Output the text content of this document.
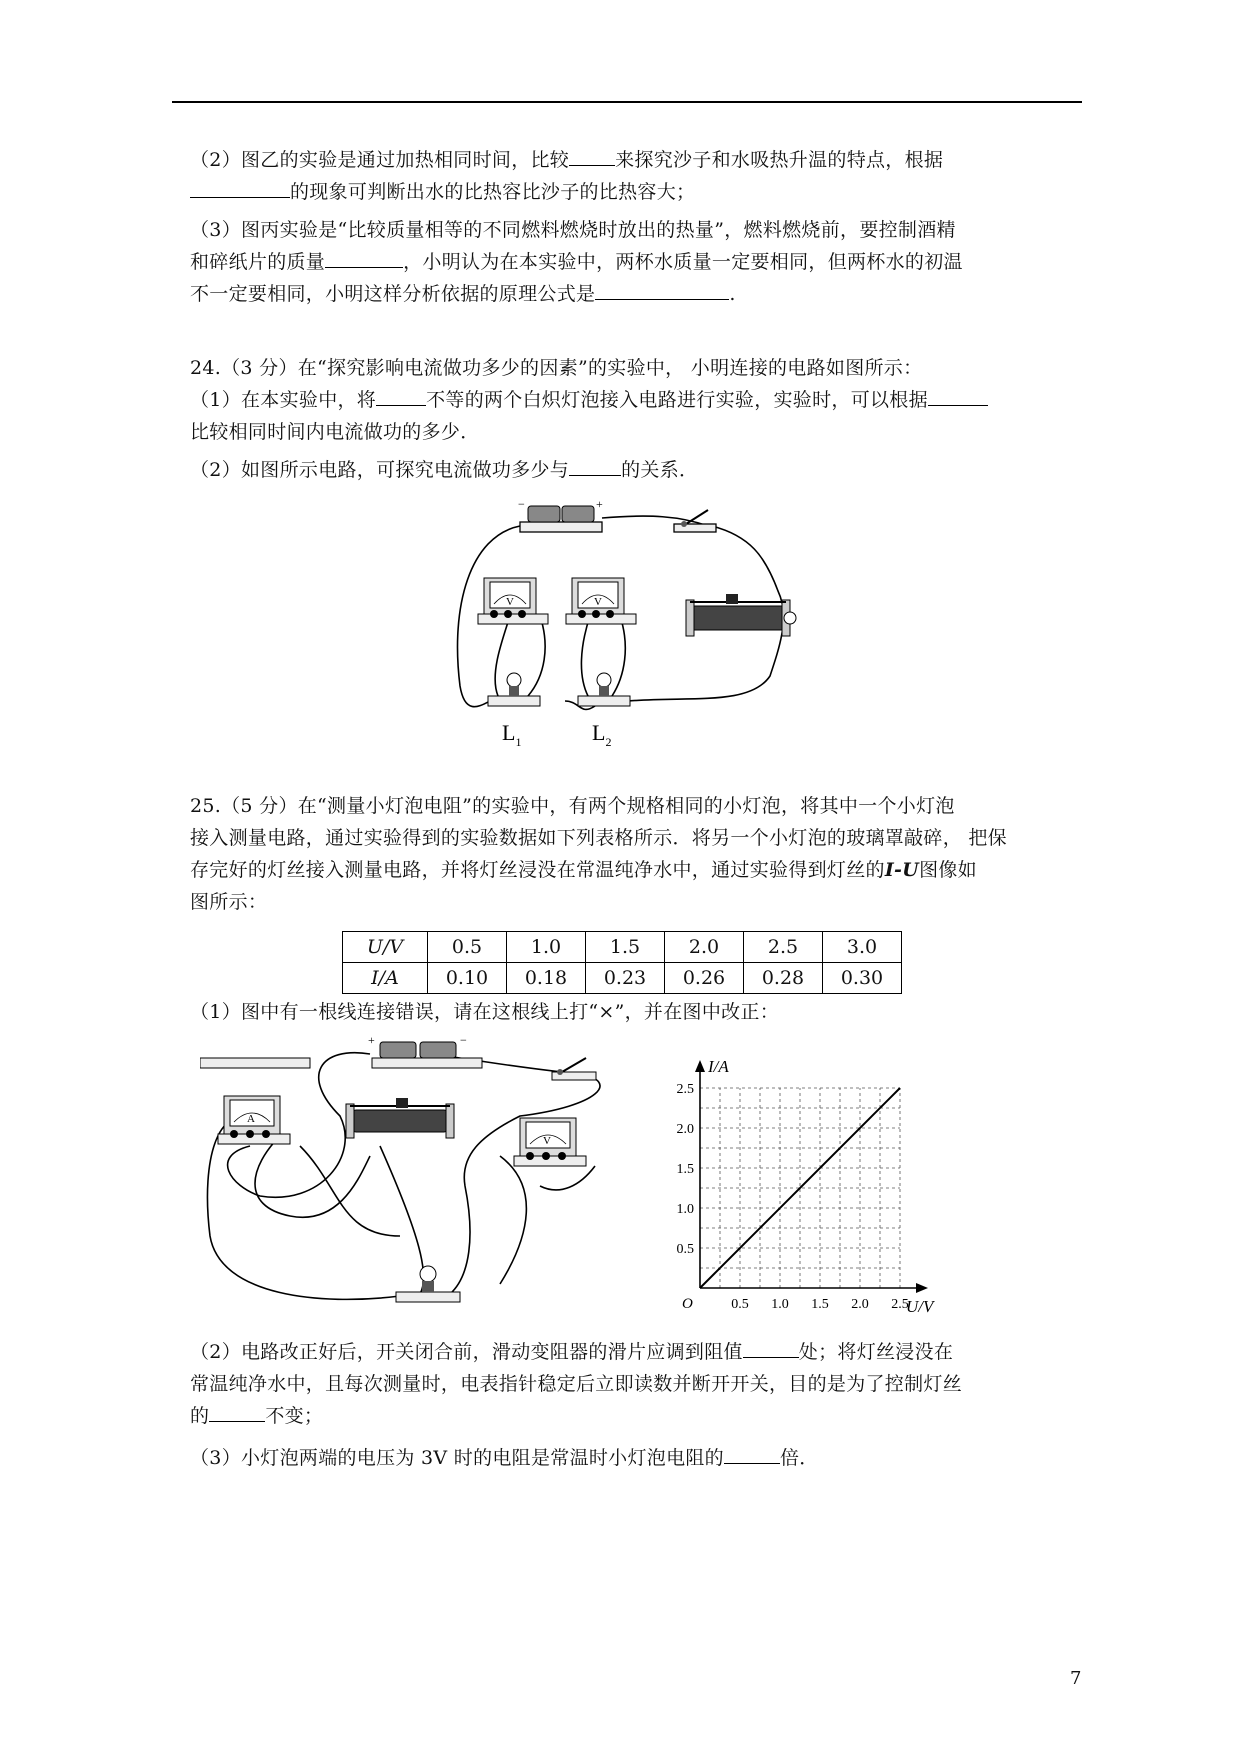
（2）图乙的实验是通过加热相同时间，比较 来探究沙子和水吸热升温的特点，根据
的现象可判断出水的比热容比沙子的比热容大；
（3）图丙实验是“比较质量相等的不同燃料燃烧时放出的热量”，燃料燃烧前，要控制酒精
和碎纸片的质量	，小明认为在本实验中，两杯水质量一定要相同，但两杯水的初温
不一定要相同，小明这样分析依据的原理公式是	.
24.（3 分）在“探究影响电流做功多少的因素”的实验中， 小明连接的电路如图所示：
（1）在本实验中，将	不等的两个白炽灯泡接入电路进行实验，实验时，可以根据
比较相同时间内电流做功的多少．
（2）如图所示电路，可探究电流做功多少与	的关系．
−	+
V	V
$L_1$	$L_2$
25.（5 分）在“测量小灯泡电阻”的实验中，有两个规格相同的小灯泡，将其中一个小灯泡
接入测量电路，通过实验得到的实验数据如下列表格所示．将另一个小灯泡的玻璃罩敲碎， 把保
存完好的灯丝接入测量电路，并将灯丝浸没在常温纯净水中，通过实验得到灯丝的I-U图像如
图所示：
U/V	0.5	1.0	1.5	2.0	2.5	3.0
I/A	0.10	0.18	0.23	0.26	0.28	0.30
（1）图中有一根线连接错误，请在这根线上打“×”，并在图中改正：
+	−
A
V
U/V
I/A
O	0.5 1.0 1.5 2.0 2.5
0.5
1.0
1.5
2.0
2.5
（2）电路改正好后，开关闭合前，滑动变阻器的滑片应调到阻值	处；将灯丝浸没在
常温纯净水中，且每次测量时，电表指针稳定后立即读数并断开开关，目的是为了控制灯丝
的	不变；
（3）小灯泡两端的电压为 3V 时的电阻是常温时小灯泡电阻的	倍．
7
